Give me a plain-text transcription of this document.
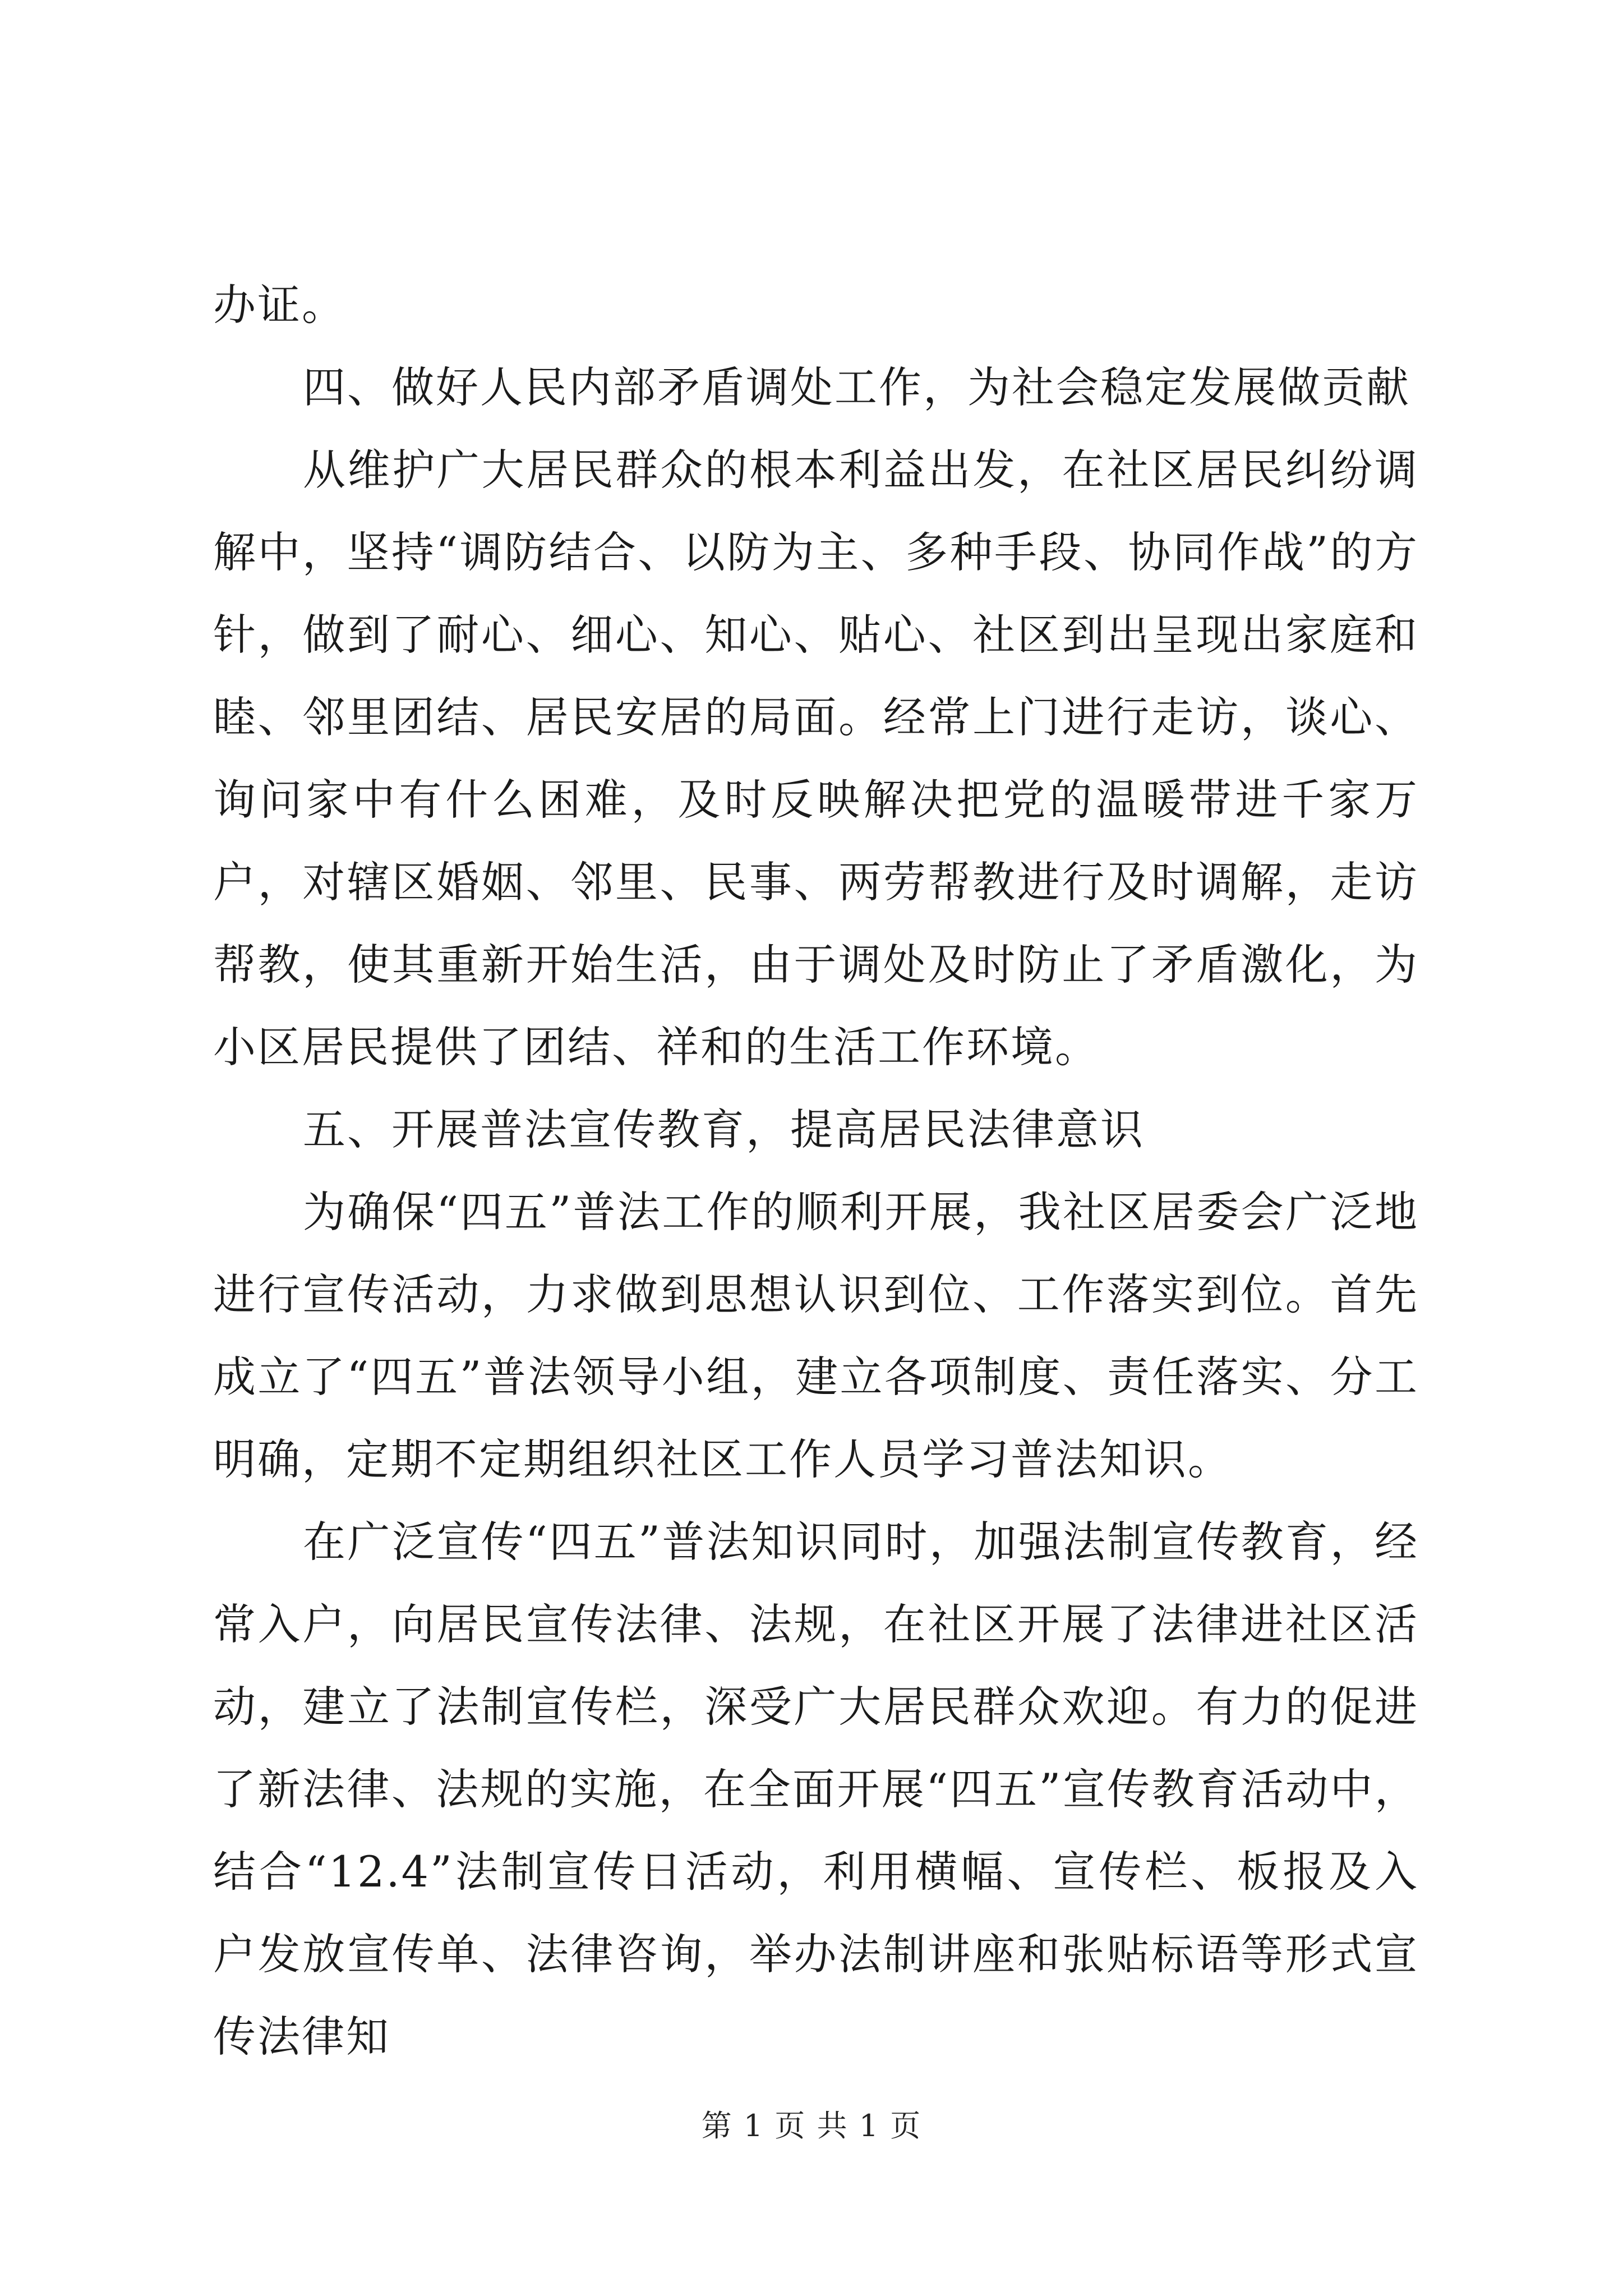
办证。

四、做好人民内部矛盾调处工作，为社会稳定发展做贡献

从维护广大居民群众的根本利益出发，在社区居民纠纷调解中，坚持“调防结合、以防为主、多种手段、协同作战”的方针，做到了耐心、细心、知心、贴心、社区到出呈现出家庭和睦、邻里团结、居民安居的局面。经常上门进行走访，谈心、询问家中有什么困难，及时反映解决把党的温暖带进千家万户，对辖区婚姻、邻里、民事、两劳帮教进行及时调解，走访帮教，使其重新开始生活，由于调处及时防止了矛盾激化，为小区居民提供了团结、祥和的生活工作环境。

五、开展普法宣传教育，提高居民法律意识

为确保“四五”普法工作的顺利开展，我社区居委会广泛地进行宣传活动，力求做到思想认识到位、工作落实到位。首先成立了“四五”普法领导小组，建立各项制度、责任落实、分工明确，定期不定期组织社区工作人员学习普法知识。

在广泛宣传“四五”普法知识同时，加强法制宣传教育，经常入户，向居民宣传法律、法规，在社区开展了法律进社区活动，建立了法制宣传栏，深受广大居民群众欢迎。有力的促进了新法律、法规的实施，在全面开展“四五”宣传教育活动中，结合“12.4”法制宣传日活动，利用横幅、宣传栏、板报及入户发放宣传单、法律咨询，举办法制讲座和张贴标语等形式宣传法律知

第 1 页 共 1 页
